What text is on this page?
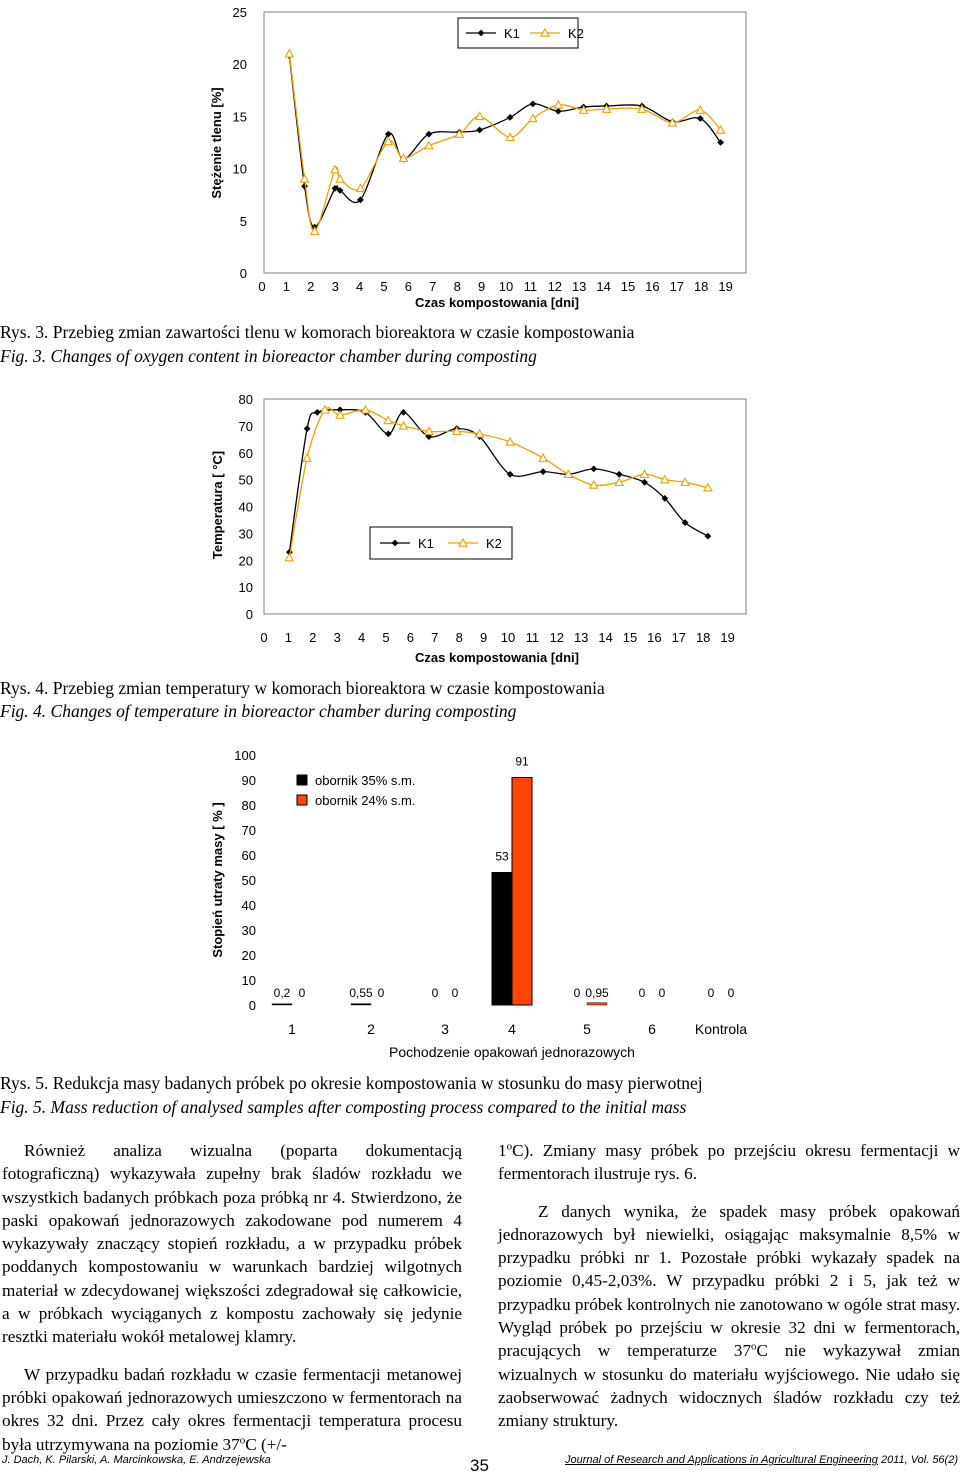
0
5
10
15
20
25
0 1 2 3 4 5 6 7 8 9 10 11 12 13 14 15 16 17 18 19
Czas kompostowania [dni]
Stężenie tlenu [%]
K1	K2
Rys. 3. Przebieg zmian zawartości tlenu w komorach bioreaktora w czasie kompostowania
Fig. 3. Changes of oxygen content in bioreactor chamber during composting
0
10
20
30
40
50
60
70
80
0 1 2 3 4 5 6 7 8 9 10 11 12 13 14 15 16 17 18 19
Czas kompostowania [dni]
Temperatura [ °C]	K1	K2
Rys. 4. Przebieg zmian temperatury w komorach bioreaktora w czasie kompostowania
Fig. 4. Changes of temperature in bioreactor chamber during composting
0
10
20
30
40
50
60
70
80
90
100
Stopień utraty masy [ % ]
0,2	0,55	0
53
0	0	0
0	0	0
91
0,95	0	0
1	2	3	4	5	6	Kontrola
Pochodzenie opakowań jednorazowych
obornik 35% s.m.
obornik 24% s.m.
Rys. 5. Redukcja masy badanych próbek po okresie kompostowania w stosunku do masy pierwotnej
Fig. 5. Mass reduction of analysed samples after composting process compared to the initial mass

Również analiza wizualna (poparta dokumentacją fotograficzną) wykazywała zupełny brak śladów rozkładu we wszystkich badanych próbkach poza próbką nr 4. Stwierdzono, że paski opakowań jednorazowych zakodowane pod numerem 4 wykazywały znaczący stopień rozkładu, a w przypadku próbek poddanych kompostowaniu w warunkach bardziej wilgotnych materiał w zdecydowanej większości zdegradował się całkowicie, a w próbkach wyciąganych z kompostu zachowały się jedynie resztki materiału wokół metalowej klamry.

W przypadku badań rozkładu w czasie fermentacji metanowej próbki opakowań jednorazowych umieszczono w fermentorach na okres 32 dni. Przez cały okres fermentacji temperatura procesu była utrzymywana na poziomie 37$^o$C (+/-

1$^o$C). Zmiany masy próbek po przejściu okresu fermentacji w fermentorach ilustruje rys. 6.

Z danych wynika, że spadek masy próbek opakowań jednorazowych był niewielki, osiągając maksymalnie 8,5% w przypadku próbki nr 1. Pozostałe próbki wykazały spadek na poziomie 0,45-2,03%. W przypadku próbki 2 i 5, jak też w przypadku próbek kontrolnych nie zanotowano w ogóle strat masy. Wygląd próbek po przejściu w okresie 32 dni w fermentorach, pracujących w temperaturze 37$^o$C nie wykazywał zmian wizualnych w stosunku do materiału wyjściowego. Nie udało się zaobserwować żadnych widocznych śladów rozkładu czy też zmiany struktury.

J. Dach, K. Pilarski, A. Marcinkowska, E. Andrzejewska	35	Journal of Research and Applications in Agricultural Engineering 2011, Vol. 56(2)
